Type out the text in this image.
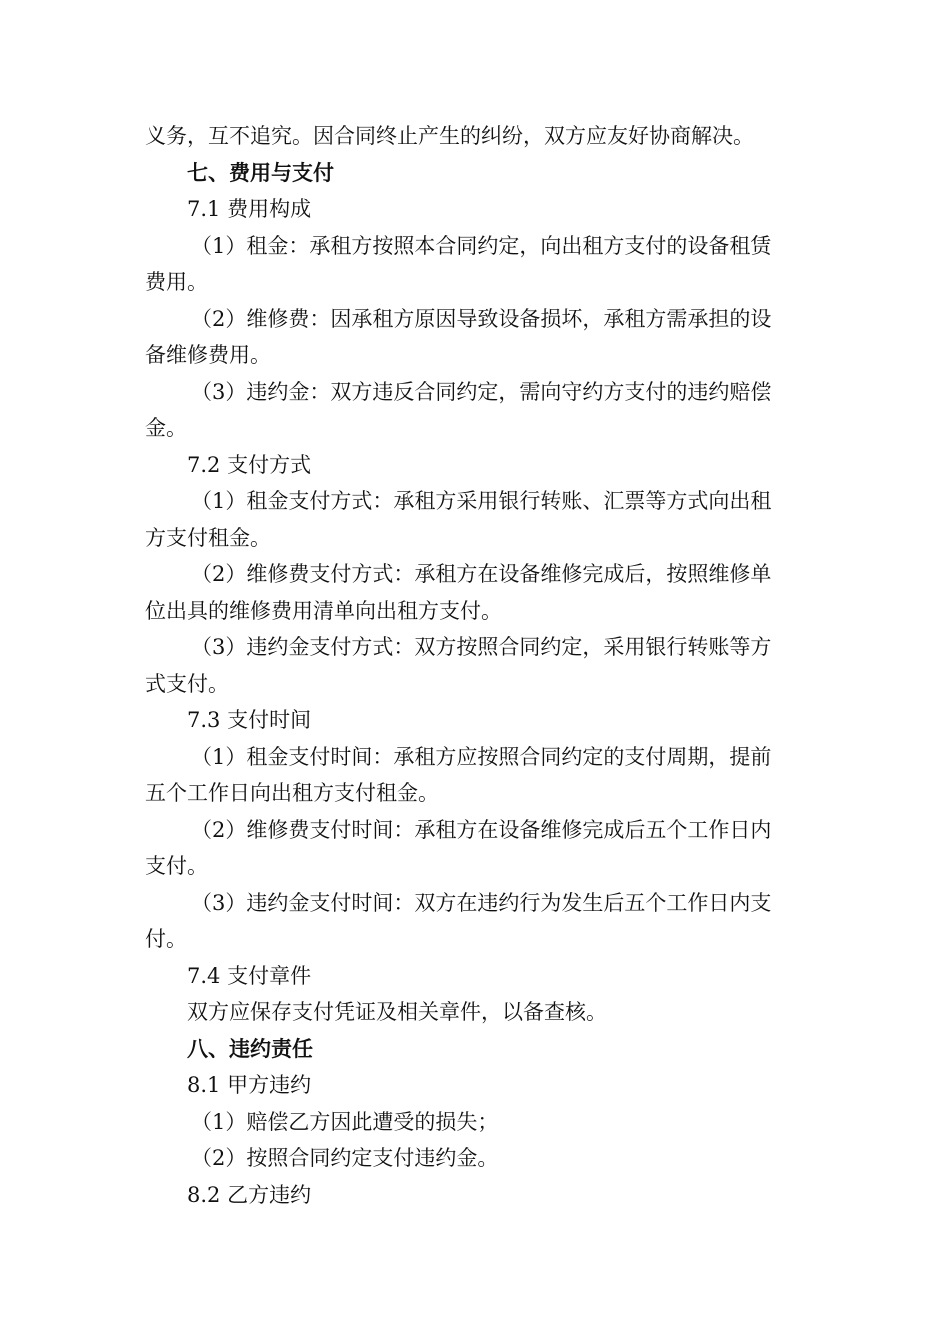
义务，互不追究。因合同终止产生的纠纷，双方应友好协商解决。
七、费用与支付
7.1 费用构成
（1）租金：承租方按照本合同约定，向出租方支付的设备租赁
费用。
（2）维修费：因承租方原因导致设备损坏，承租方需承担的设
备维修费用。
（3）违约金：双方违反合同约定，需向守约方支付的违约赔偿
金。
7.2 支付方式
（1）租金支付方式：承租方采用银行转账、汇票等方式向出租
方支付租金。
（2）维修费支付方式：承租方在设备维修完成后，按照维修单
位出具的维修费用清单向出租方支付。
（3）违约金支付方式：双方按照合同约定，采用银行转账等方
式支付。
7.3 支付时间
（1）租金支付时间：承租方应按照合同约定的支付周期，提前
五个工作日向出租方支付租金。
（2）维修费支付时间：承租方在设备维修完成后五个工作日内
支付。
（3）违约金支付时间：双方在违约行为发生后五个工作日内支
付。
7.4 支付章件
双方应保存支付凭证及相关章件，以备查核。
八、违约责任
8.1 甲方违约
（1）赔偿乙方因此遭受的损失；
（2）按照合同约定支付违约金。
8.2 乙方违约
